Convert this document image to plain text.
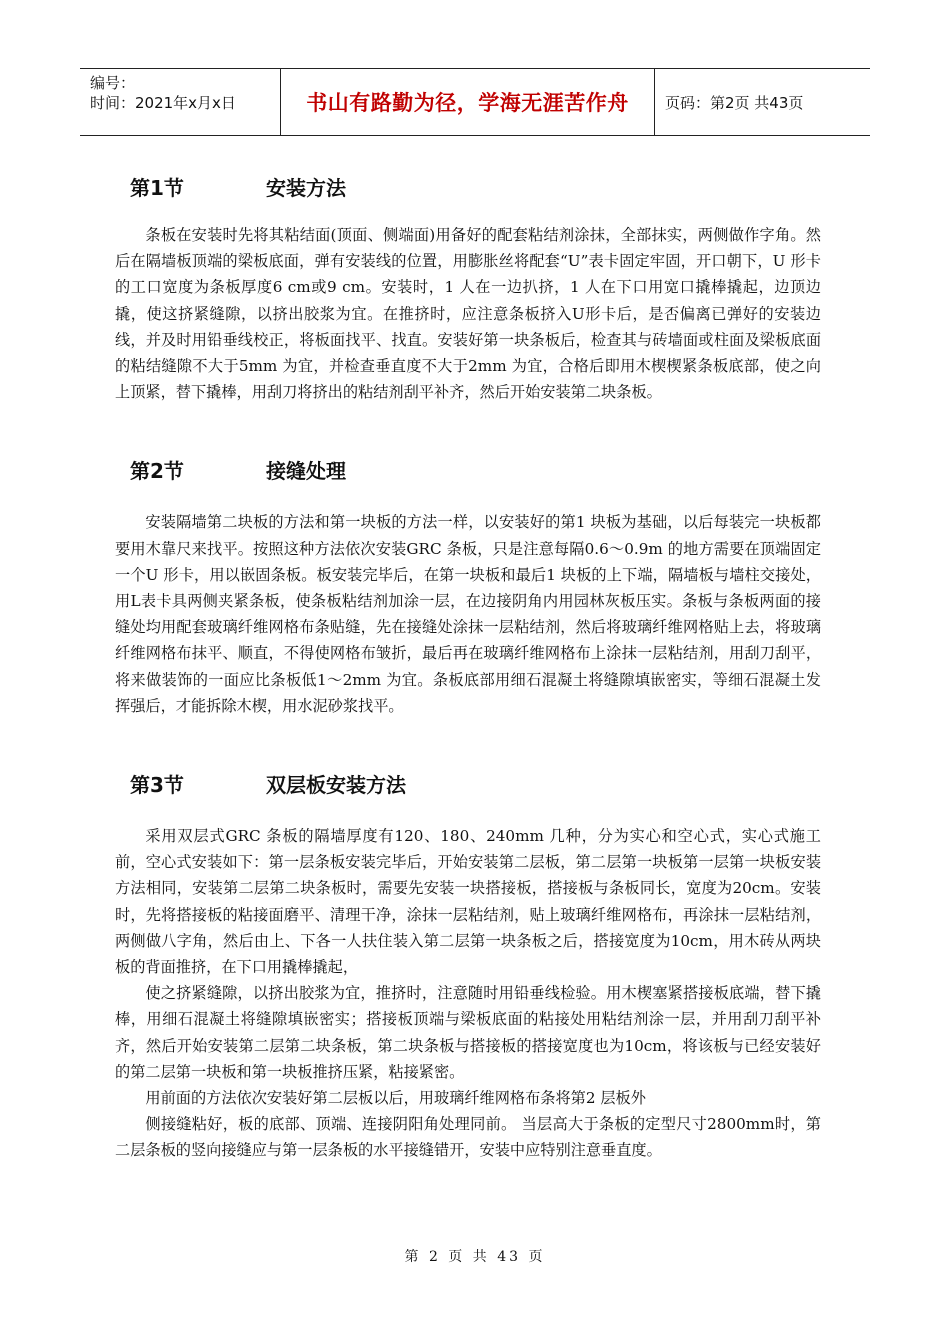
编号：
时间：2021年x月x日	书山有路勤为径，学海无涯苦作舟 页码：第2页 共43页
第1节	安装方法

条板在安装时先将其粘结面(顶面、侧端面)用备好的配套粘结剂涂抹，全部抹实，两侧做作字角。然后在隔墙板顶端的梁板底面，弹有安装线的位置，用膨胀丝将配套“U”表卡固定牢固，开口朝下，U 形卡的工口宽度为条板厚度6 cm或9 cm。安装时，1 人在一边扒挤，1 人在下口用宽口撬棒撬起，边顶边撬，使这挤紧缝隙，以挤出胶浆为宜。在推挤时，应注意条板挤入U形卡后，是否偏离已弹好的安装边线，并及时用铅垂线校正，将板面找平、找直。安装好第一块条板后，检查其与砖墙面或柱面及梁板底面的粘结缝隙不大于5mm 为宜，并检查垂直度不大于2mm 为宜，合格后即用木楔楔紧条板底部，使之向上顶紧，替下撬棒，用刮刀将挤出的粘结剂刮平补齐，然后开始安装第二块条板。

第2节	接缝处理

安装隔墙第二块板的方法和第一块板的方法一样，以安装好的第1 块板为基础，以后每装完一块板都要用木靠尺来找平。按照这种方法依次安装GRC 条板，只是注意每隔0.6～0.9m 的地方需要在顶端固定一个U 形卡，用以嵌固条板。板安装完毕后，在第一块板和最后1 块板的上下端，隔墙板与墙柱交接处，用L表卡具两侧夹紧条板，使条板粘结剂加涂一层，在边接阴角内用园林灰板压实。条板与条板两面的接缝处均用配套玻璃纤维网格布条贴缝，先在接缝处涂抹一层粘结剂，然后将玻璃纤维网格贴上去，将玻璃纤维网格布抹平、顺直，不得使网格布皱折，最后再在玻璃纤维网格布上涂抹一层粘结剂，用刮刀刮平，将来做装饰的一面应比条板低1～2mm 为宜。条板底部用细石混凝土将缝隙填嵌密实，等细石混凝土发挥强后，才能拆除木楔，用水泥砂浆找平。

第3节	双层板安装方法

采用双层式GRC 条板的隔墙厚度有120、180、240mm 几种，分为实心和空心式，实心式施工前，空心式安装如下：第一层条板安装完毕后，开始安装第二层板，第二层第一块板第一层第一块板安装方法相同，安装第二层第二块条板时，需要先安装一块搭接板，搭接板与条板同长，宽度为20cm。安装时，先将搭接板的粘接面磨平、清理干净，涂抹一层粘结剂，贴上玻璃纤维网格布，再涂抹一层粘结剂，两侧做八字角，然后由上、下各一人扶住装入第二层第一块条板之后，搭接宽度为10cm，用木砖从两块板的背面推挤，在下口用撬棒撬起，

使之挤紧缝隙，以挤出胶浆为宜，推挤时，注意随时用铅垂线检验。用木楔塞紧搭接板底端，替下撬棒，用细石混凝土将缝隙填嵌密实；搭接板顶端与梁板底面的粘接处用粘结剂涂一层，并用刮刀刮平补齐，然后开始安装第二层第二块条板，第二块条板与搭接板的搭接宽度也为10cm，将该板与已经安装好的第二层第一块板和第一块板推挤压紧，粘接紧密。

用前面的方法依次安装好第二层板以后，用玻璃纤维网格布条将第2 层板外

侧接缝粘好，板的底部、顶端、连接阴阳角处理同前。 当层高大于条板的定型尺寸2800mm时，第二层条板的竖向接缝应与第一层条板的水平接缝错开，安装中应特别注意垂直度。

第 2 页 共 43 页
